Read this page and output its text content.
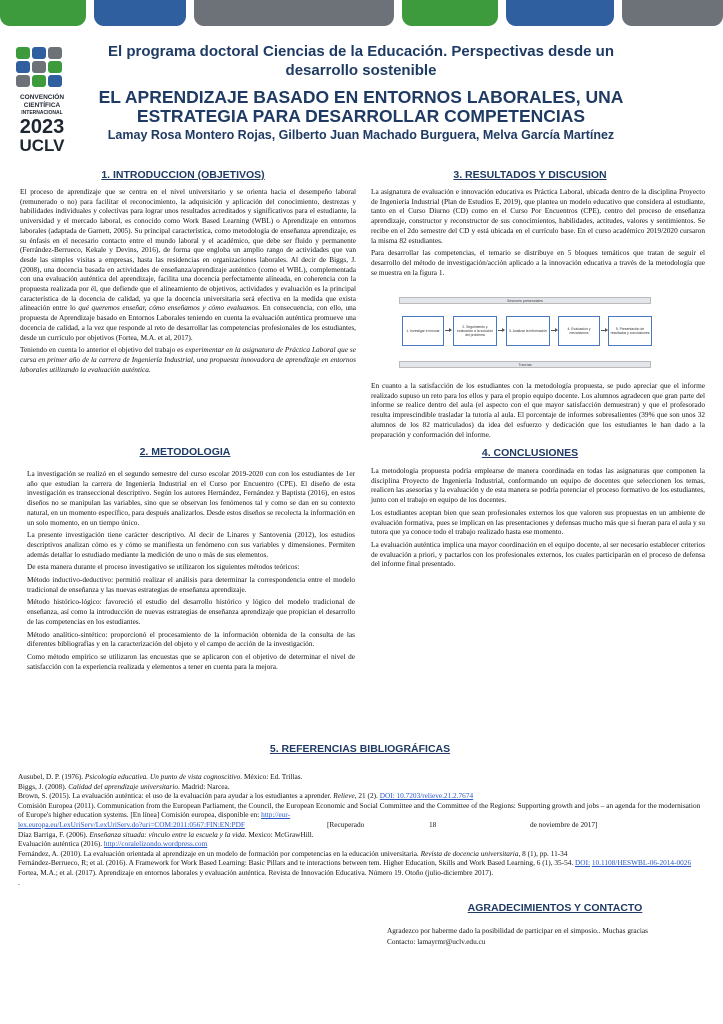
CONVENCIÓN
CIENTÍFICA
INTERNACIONAL
2023
UCLV
El programa doctoral Ciencias de la Educación. Perspectivas desde un desarrollo sostenible
EL APRENDIZAJE BASADO EN ENTORNOS LABORALES, UNA ESTRATEGIA PARA DESARROLLAR COMPETENCIAS
Lamay Rosa Montero Rojas, Gilberto Juan Machado Burguera, Melva García Martínez
1. INTRODUCCION (OBJETIVOS)	3. RESULTADOS Y DISCUSION
2. METODOLOGIA	4. CONCLUSIONES
5. REFERENCIAS BIBLIOGRÁFICAS
AGRADECIMIENTOS Y CONTACTO

El proceso de aprendizaje que se centra en el nivel universitario y se orienta hacia el desempeño laboral (remunerado o no) para facilitar el reconocimiento, la adquisición y aplicación del conocimiento, destrezas y habilidades individuales y colectivas para lograr unos resultados acreditados y significativos para el estudiante, la universidad y el mercado laboral, es conocido como Work Based Learning (WBL) o Aprendizaje en entornos laborales (adaptada de Garnett, 2005). Su principal característica, como metodología de enseñanza aprendizaje, es su énfasis en el necesario contacto entre el mundo laboral y el académico, que debe ser fluido y permanente (Ferrández-Berrueco, Kekale y Devins, 2016), de forma que engloba un amplio rango de actividades que van desde las simples visitas a empresas, hasta las residencias en organizaciones laborales. Al decir de Biggs, J. (2008), una docencia basada en actividades de enseñanza/aprendizaje auténtico (como el WBL), complementada con una evaluación auténtica del aprendizaje, facilita una docencia perfectamente alineada, en coherencia con la propuesta realizada por él, que defiende que el alineamiento de objetivos, actividades y evaluación es la principal característica de la docencia de calidad, ya que la docencia universitaria será efectiva en la medida que exista alineación entre lo qué queremos enseñar, cómo enseñamos y cómo evaluamos. En consecuencia, con ello, una propuesta de Aprendizaje basado en Entornos Laborales teniendo en cuenta la evaluación auténtica promueve una docencia de calidad, a la vez que responde al reto de desarrollar las competencias profesionales de los estudiantes, desde un currículo por objetivos (Fortea, M.A. et al, 2017).

Teniendo en cuenta lo anterior el objetivo del trabajo es experimentar en la asignatura de Práctica Laboral que se cursa en primer año de la carrera de Ingeniería Industrial, una propuesta innovadora de aprendizaje en entornos laborales utilizando la evaluación auténtica.

La investigación se realizó en el segundo semestre del curso escolar 2019-2020 con con los estudiantes de 1er año que estudian la carrera de Ingeniería Industrial en el Curso por Encuentro (CPE). El diseño de esta investigación es transeccional descriptivo. Según los autores Hernández, Fernández y Baptista (2016), en estos diseños no se manipulan las variables, sino que se observan los fenómenos tal y como se dan en su contexto natural, en un momento específico, para después analizarlos. Desde estos diseños se recolecta la información en un solo momento, en un tiempo único.

La presente investigación tiene carácter descriptivo. Al decir de Linares y Santovenia (2012), los estudios descriptivos analizan cómo es y cómo se manifiesta un fenómeno con sus variables y dimensiones. Permiten además detallar lo estudiado mediante la medición de uno o más de sus elementos.

De esta manera durante el proceso investigativo se utilizaron los siguientes métodos teóricos:

Método inductivo-deductivo: permitió realizar el análisis para determinar la correspondencia entre el modelo tradicional de enseñanza y las nuevas estrategias de enseñanza aprendizaje.

Método histórico-lógico: favoreció el estudio del desarrollo histórico y lógico del modelo tradicional de enseñanza, así como la introducción de nuevas estrategias de enseñanza aprendizaje que propician el desarrollo de las competencias en los estudiantes.

Método analítico-sintético: proporcionó el procesamiento de la información obtenida de la consulta de las diferentes bibliografías y en la caracterización del objeto y el campo de acción de la investigación.

Como método empírico se utilizaron las encuestas que se aplicaron con el objetivo de determinar el nivel de satisfacción con la experiencia realizada y elementos a tener en cuenta para la mejora.

La asignatura de evaluación e innovación educativa es Práctica Laboral, ubicada dentro de la disciplina Proyecto de Ingeniería Industrial (Plan de Estudios E, 2019), que plantea un modelo educativo que considera al estudiante, tanto en el Curso Diurno (CD) como en el Curso Por Encuentros (CPE), centro del proceso de enseñanza aprendizaje, constructor y reconstructor de sus conocimientos, habilidades, actitudes, valores y sentimientos. Se recibe en el 2do semestre del CD y está ubicada en el currículo base. En el curso académico 2019/2020 cursaron la misma 82 estudiantes.

Para desarrollar las competencias, el temario se distribuye en 5 bloques temáticos que tratan de seguir el desarrollo del método de investigación/acción aplicado a la innovación educativa a través de la metodología que se muestra en la figura 1.

Sesiones presenciales
1. Investigar e innovar
2. Seguimiento y evaluación a la solución del problema
3. Analizar la información
4. Evaluación y mecanismos
5. Presentación de resultados y conclusiones
Tutorías

En cuanto a la satisfacción de los estudiantes con la metodología propuesta, se pudo apreciar que el informe realizado supuso un reto para los ellos y para el propio equipo docente. Los alumnos agradecen que gran parte del informe se realice dentro del aula (el aspecto con el que mayor satisfacción demuestran) y que el profesorado resulta imprescindible trasladar la tutoría al aula. El porcentaje de informes sobresalientes (39% que son unos 32 alumnos de los 82 matriculados) da idea del esfuerzo y dedicación que los estudiantes le han dado a la preparación y conformación del informe.

La metodología propuesta podría emplearse de manera coordinada en todas las asignaturas que componen la disciplina Proyecto de Ingeniería Industrial, conformando un equipo de docentes que seleccionen los temas, realicen las asesorías y la evaluación y de esta manera se podría potenciar el proceso formativo de los estudiantes, junto con el trabajo en equipo de los docentes.

Los estudiantes aceptan bien que sean profesionales externos los que valoren sus propuestas en un ambiente de evaluación formativa, pues se implican en las presentaciones y defensas mucho más que si fueran para el aula y su tutora que ya conoce todo el trabajo realizado hasta ese momento.

La evaluación auténtica implica una mayor coordinación en el equipo docente, al ser necesario establecer criterios de evaluación a priori, y pactarlos con los profesionales externos, los cuales participarán en el proceso de defensa del informe final presentado.

Ausubel, D. P. (1976). Psicología educativa. Un punto de vista cognoscitivo. México: Ed. Trillas.
Biggs, J. (2008). Calidad del aprendizaje universitario. Madrid: Narcea.
Brown, S. (2015). La evaluación auténtica: el uso de la evaluación para ayudar a los estudiantes a aprender. Relieve, 21 (2). DOI: 10.7203/relieve.21.2.7674
Comisión Europea (2011). Communication from the European Parliament, the Council, the European Economic and Social Committee and the Committee of the Regions: Supporting growth and jobs – an agenda for the modernisation of Europe's higher education systems. [En línea] Comisión europea, disponible en: http://eur-
lex.europa.eu/LexUriServ/LexUriServ.do?uri=COM:2011:0567:FIN:EN:PDF	[Recuperado	18	de noviembre de 2017]
Díaz Barriga, F. (2006). Enseñanza situada: vínculo entre la escuela y la vida. Mexico: McGrawHill.
Evaluación auténtica (2016). http://coralelizondo.wordpress.com
Fernández, A. (2010). La evaluación orientada al aprendizaje en un modelo de formación por competencias en la educación universitaria. Revista de docencia universitaria, 8 (1), pp. 11-34
Fernández-Berrueco, R; et al. (2016). A Framework for Work Based Learning: Basic Pillars and te interactions between tem. Higher Education, Skills and Work Based Learning, 6 (1), 35-54. DOI: 10.1108/HESWBL-06-2014-0026
Fortea, M.A.; et al. (2017). Aprendizaje en entornos laborales y evaluación auténtica. Revista de Innovación Educativa. Número 19. Otoño (julio-diciembre 2017).
.
Agradezco por haberme dado la posibilidad de participar en el simposio.. Muchas gracias
Contacto: lamayrmr@uclv.edu.cu
